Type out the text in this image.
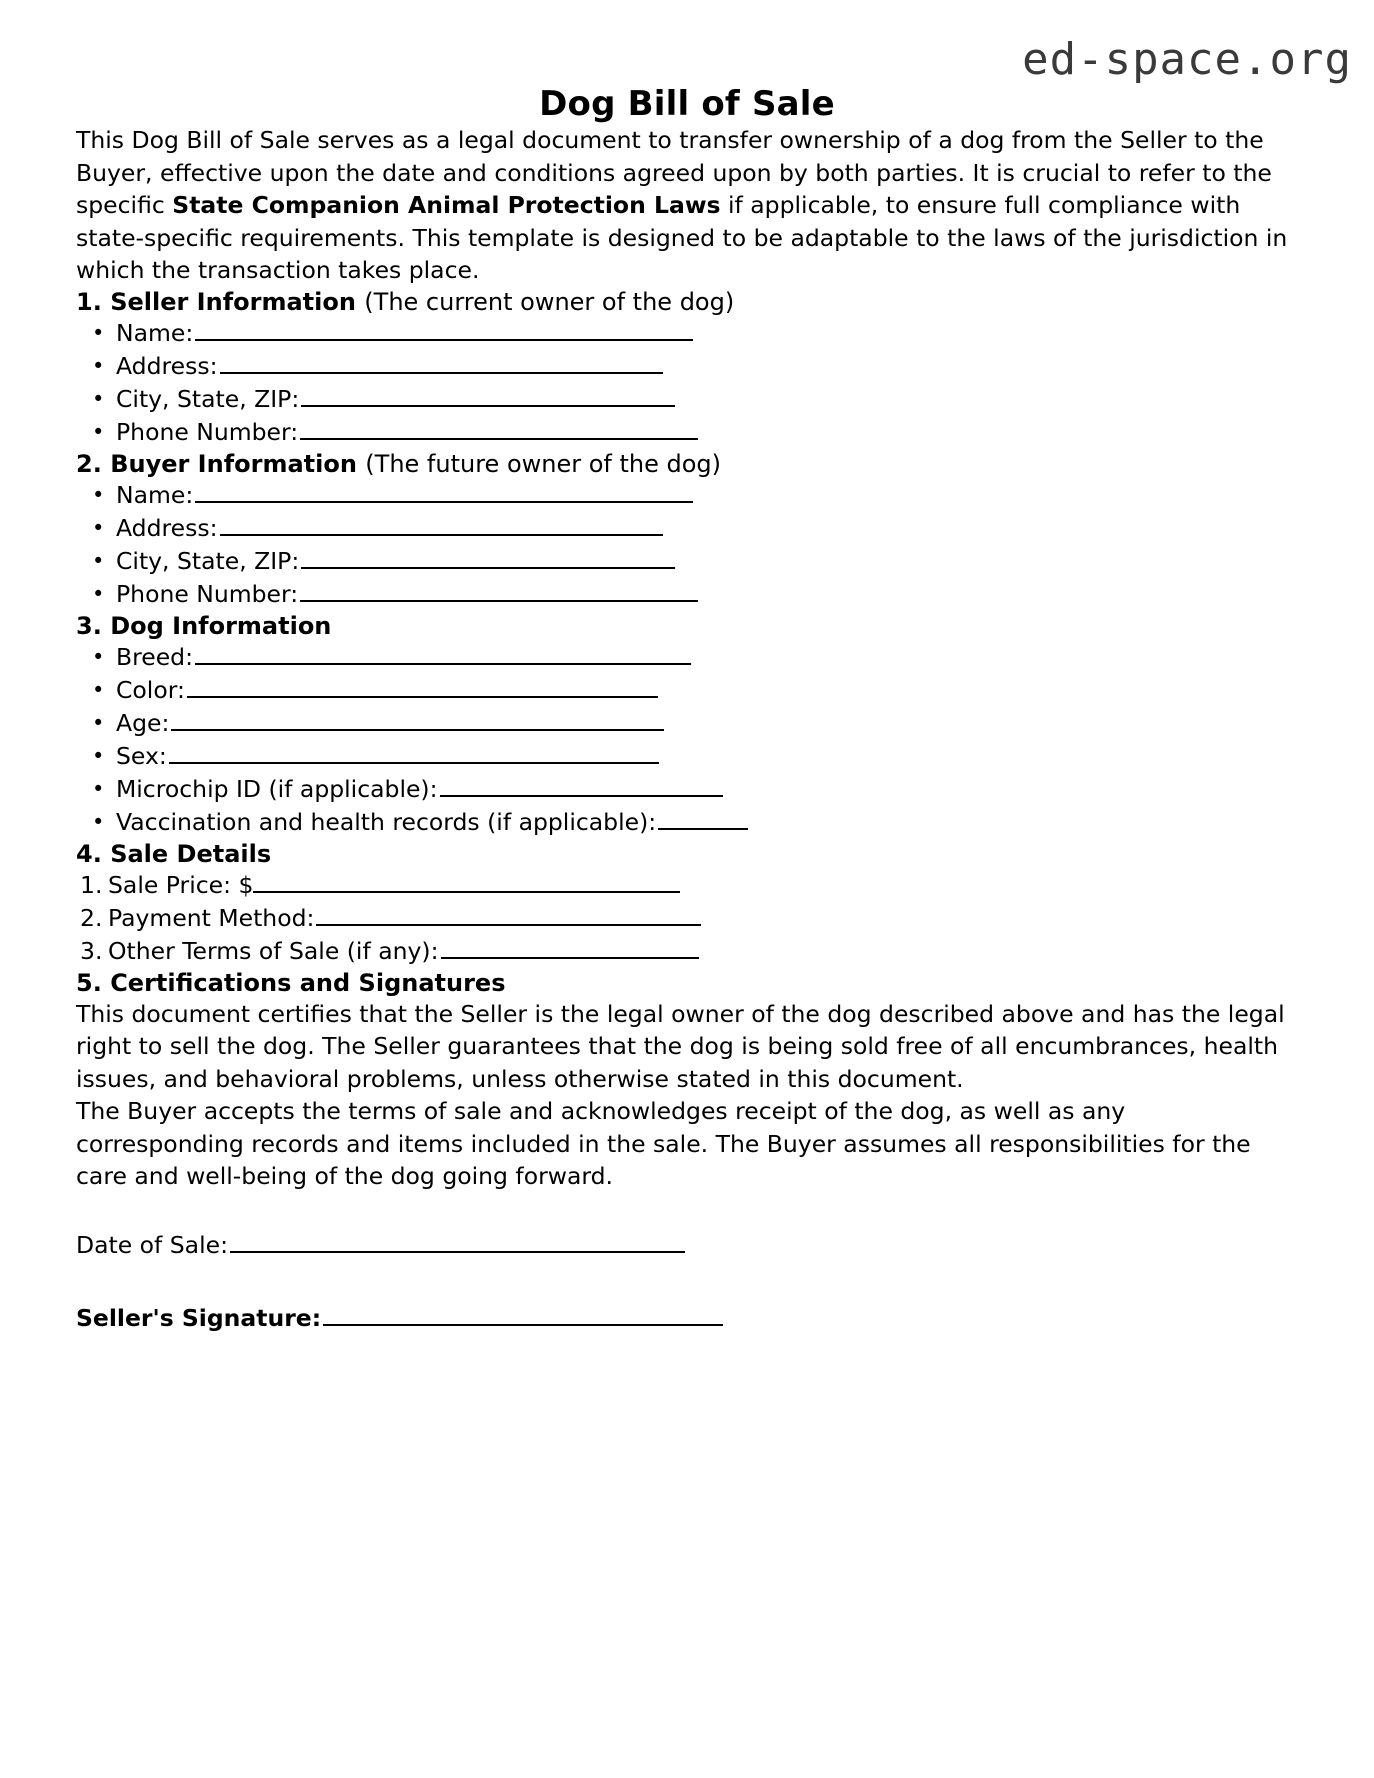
ed-space.org
Dog Bill of Sale

This Dog Bill of Sale serves as a legal document to transfer ownership of a dog from the Seller to the Buyer, effective upon the date and conditions agreed upon by both parties. It is crucial to refer to the specific State Companion Animal Protection Laws if applicable, to ensure full compliance with state-specific requirements. This template is designed to be adaptable to the laws of the jurisdiction in which the transaction takes place.

1. Seller Information (The current owner of the dog)
• Name:
• Address:
• City, State, ZIP:
• Phone Number:
2. Buyer Information (The future owner of the dog)
• Name:
• Address:
• City, State, ZIP:
• Phone Number:
3. Dog Information
• Breed:
• Color:
• Age:
• Sex:
• Microchip ID (if applicable):
• Vaccination and health records (if applicable):
4. Sale Details
Sale Price: $
Payment Method:
Other Terms of Sale (if any):
5. Certifications and Signatures

This document certifies that the Seller is the legal owner of the dog described above and has the legal right to sell the dog. The Seller guarantees that the dog is being sold free of all encumbrances, health issues, and behavioral problems, unless otherwise stated in this document.

The Buyer accepts the terms of sale and acknowledges receipt of the dog, as well as any corresponding records and items included in the sale. The Buyer assumes all responsibilities for the care and well-being of the dog going forward.

Date of Sale:
Seller's Signature:
